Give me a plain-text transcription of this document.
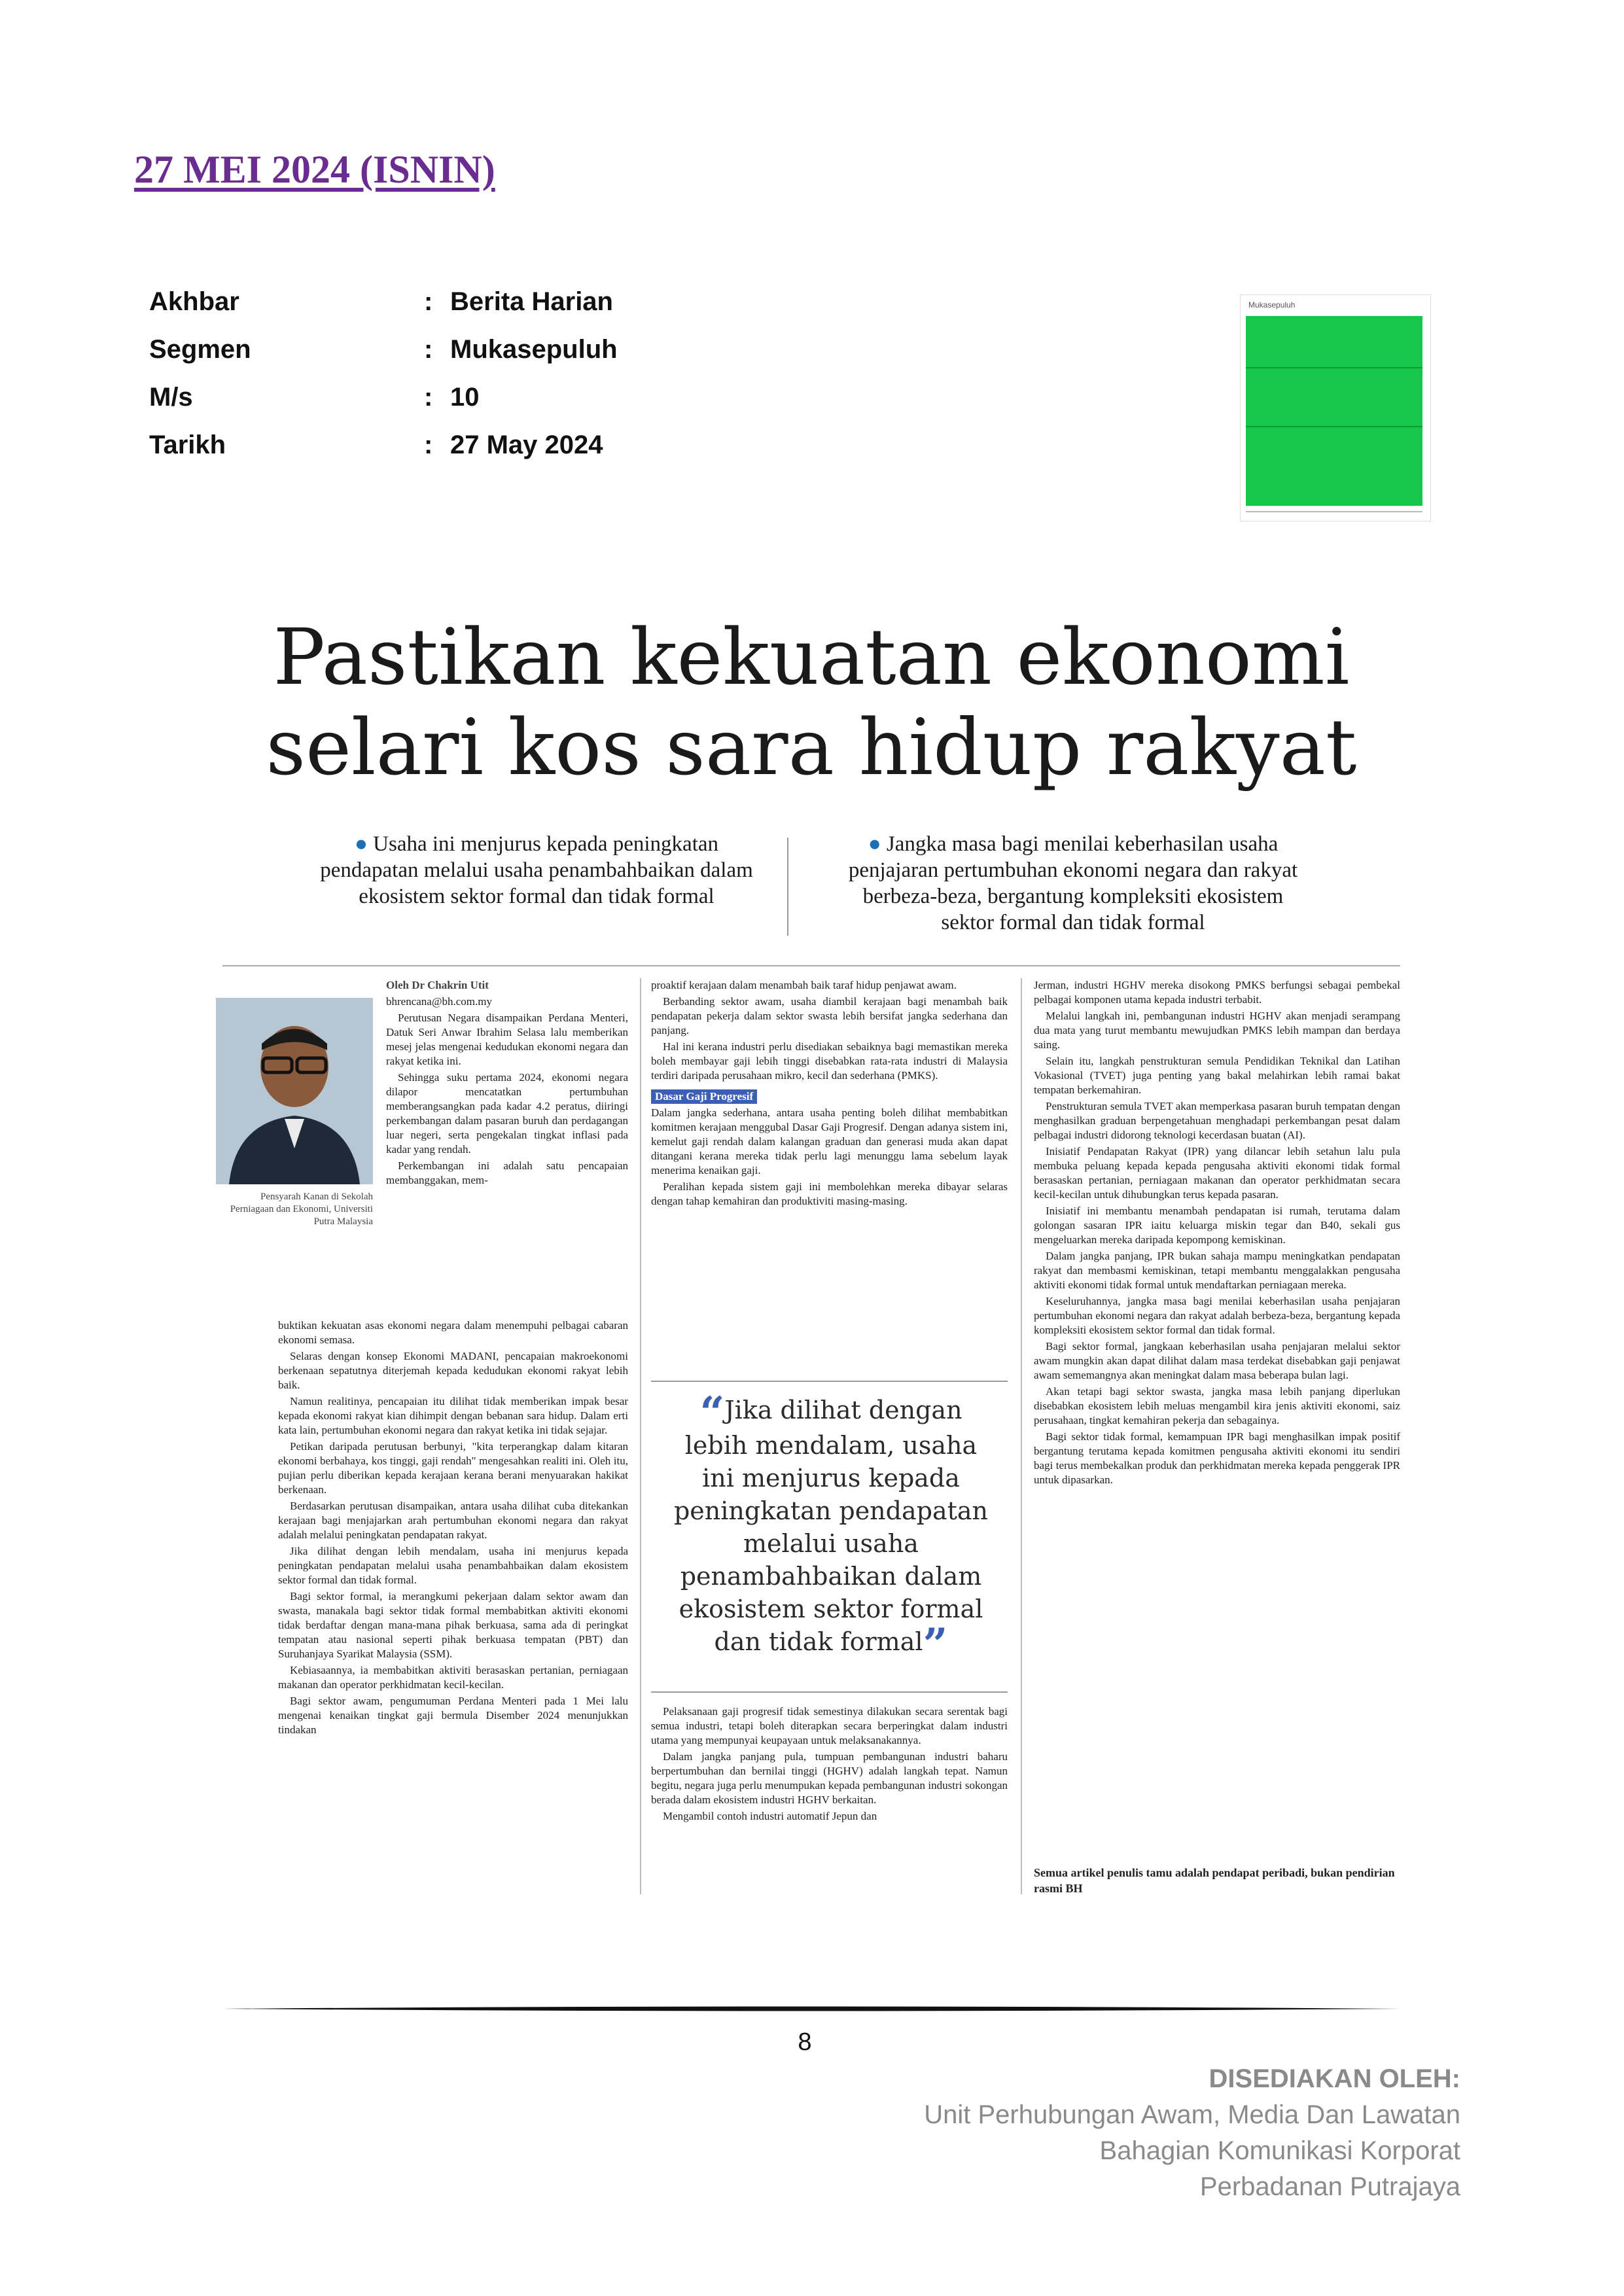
27 MEI 2024 (ISNIN)
Akhbar	: Berita Harian
Segmen	: Mukasepuluh
M/s	: 10
Tarikh	: 27 May 2024
Mukasepuluh
Pastikan kekuatan ekonomi
selari kos sara hidup rakyat
● Usaha ini menjurus kepada peningkatan pendapatan melalui usaha penambahbaikan dalam ekosistem sektor formal dan tidak formal
● Jangka masa bagi menilai keberhasilan usaha penjajaran pertumbuhan ekonomi negara dan rakyat berbeza-beza, bergantung kompleksiti ekosistem sektor formal dan tidak formal
Pensyarah Kanan di Sekolah Perniagaan dan Ekonomi, Universiti Putra Malaysia

Oleh Dr Chakrin Utit

bhrencana@bh.com.my

Perutusan Negara disampaikan Perdana Menteri, Datuk Seri Anwar Ibrahim Selasa lalu memberikan mesej jelas mengenai kedudukan ekonomi negara dan rakyat ketika ini.

Sehingga suku pertama 2024, ekonomi negara dilapor mencatatkan pertumbuhan memberangsangkan pada kadar 4.2 peratus, diiringi perkembangan dalam pasaran buruh dan perdagangan luar negeri, serta pengekalan tingkat inflasi pada kadar yang rendah.

Perkembangan ini adalah satu pencapaian membanggakan, mem-

buktikan kekuatan asas ekonomi negara dalam menempuhi pelbagai cabaran ekonomi semasa.

Selaras dengan konsep Ekonomi MADANI, pencapaian makroekonomi berkenaan sepatutnya diterjemah kepada kedudukan ekonomi rakyat lebih baik.

Namun realitinya, pencapaian itu dilihat tidak memberikan impak besar kepada ekonomi rakyat kian dihimpit dengan bebanan sara hidup. Dalam erti kata lain, pertumbuhan ekonomi negara dan rakyat ketika ini tidak sejajar.

Petikan daripada perutusan berbunyi, "kita terperangkap dalam kitaran ekonomi berbahaya, kos tinggi, gaji rendah" mengesahkan realiti ini. Oleh itu, pujian perlu diberikan kepada kerajaan kerana berani menyuarakan hakikat berkenaan.

Berdasarkan perutusan disampaikan, antara usaha dilihat cuba ditekankan kerajaan bagi menjajarkan arah pertumbuhan ekonomi negara dan rakyat adalah melalui peningkatan pendapatan rakyat.

Jika dilihat dengan lebih mendalam, usaha ini menjurus kepada peningkatan pendapatan melalui usaha penambahbaikan dalam ekosistem sektor formal dan tidak formal.

Bagi sektor formal, ia merangkumi pekerjaan dalam sektor awam dan swasta, manakala bagi sektor tidak formal membabitkan aktiviti ekonomi tidak berdaftar dengan mana-mana pihak berkuasa, sama ada di peringkat tempatan atau nasional seperti pihak berkuasa tempatan (PBT) dan Suruhanjaya Syarikat Malaysia (SSM).

Kebiasaannya, ia membabitkan aktiviti berasaskan pertanian, perniagaan makanan dan operator perkhidmatan kecil-kecilan.

Bagi sektor awam, pengumuman Perdana Menteri pada 1 Mei lalu mengenai kenaikan tingkat gaji bermula Disember 2024 menunjukkan tindakan

proaktif kerajaan dalam menambah baik taraf hidup penjawat awam.

Berbanding sektor awam, usaha diambil kerajaan bagi menambah baik pendapatan pekerja dalam sektor swasta lebih bersifat jangka sederhana dan panjang.

Hal ini kerana industri perlu disediakan sebaiknya bagi memastikan mereka boleh membayar gaji lebih tinggi disebabkan rata-rata industri di Malaysia terdiri daripada perusahaan mikro, kecil dan sederhana (PMKS).

Dasar Gaji Progresif

Dalam jangka sederhana, antara usaha penting boleh dilihat membabitkan komitmen kerajaan menggubal Dasar Gaji Progresif. Dengan adanya sistem ini, kemelut gaji rendah dalam kalangan graduan dan generasi muda akan dapat ditangani kerana mereka tidak perlu lagi menunggu lama sebelum layak menerima kenaikan gaji.

Peralihan kepada sistem gaji ini membolehkan mereka dibayar selaras dengan tahap kemahiran dan produktiviti masing-masing.

“Jika dilihat dengan lebih mendalam, usaha ini menjurus kepada peningkatan pendapatan melalui usaha penambahbaikan dalam ekosistem sektor formal dan tidak formal”

Pelaksanaan gaji progresif tidak semestinya dilakukan secara serentak bagi semua industri, tetapi boleh diterapkan secara berperingkat dalam industri utama yang mempunyai keupayaan untuk melaksanakannya.

Dalam jangka panjang pula, tumpuan pembangunan industri baharu berpertumbuhan dan bernilai tinggi (HGHV) adalah langkah tepat. Namun begitu, negara juga perlu menumpukan kepada pembangunan industri sokongan berada dalam ekosistem industri HGHV berkaitan.

Mengambil contoh industri automatif Jepun dan

Jerman, industri HGHV mereka disokong PMKS berfungsi sebagai pembekal pelbagai komponen utama kepada industri terbabit.

Melalui langkah ini, pembangunan industri HGHV akan menjadi serampang dua mata yang turut membantu mewujudkan PMKS lebih mampan dan berdaya saing.

Selain itu, langkah penstrukturan semula Pendidikan Teknikal dan Latihan Vokasional (TVET) juga penting yang bakal melahirkan lebih ramai bakat tempatan berkemahiran.

Penstrukturan semula TVET akan memperkasa pasaran buruh tempatan dengan menghasilkan graduan berpengetahuan menghadapi perkembangan pesat dalam pelbagai industri didorong teknologi kecerdasan buatan (AI).

Inisiatif Pendapatan Rakyat (IPR) yang dilancar lebih setahun lalu pula membuka peluang kepada kepada pengusaha aktiviti ekonomi tidak formal berasaskan pertanian, perniagaan makanan dan operator perkhidmatan secara kecil-kecilan untuk dihubungkan terus kepada pasaran.

Inisiatif ini membantu menambah pendapatan isi rumah, terutama dalam golongan sasaran IPR iaitu keluarga miskin tegar dan B40, sekali gus mengeluarkan mereka daripada kepompong kemiskinan.

Dalam jangka panjang, IPR bukan sahaja mampu meningkatkan pendapatan rakyat dan membasmi kemiskinan, tetapi membantu menggalakkan pengusaha aktiviti ekonomi tidak formal untuk mendaftarkan perniagaan mereka.

Keseluruhannya, jangka masa bagi menilai keberhasilan usaha penjajaran pertumbuhan ekonomi negara dan rakyat adalah berbeza-beza, bergantung kepada kompleksiti ekosistem sektor formal dan tidak formal.

Bagi sektor formal, jangkaan keberhasilan usaha penjajaran melalui sektor awam mungkin akan dapat dilihat dalam masa terdekat disebabkan gaji penjawat awam sememangnya akan meningkat dalam masa beberapa bulan lagi.

Akan tetapi bagi sektor swasta, jangka masa lebih panjang diperlukan disebabkan ekosistem lebih meluas mengambil kira jenis aktiviti ekonomi, saiz perusahaan, tingkat kemahiran pekerja dan sebagainya.

Bagi sektor tidak formal, kemampuan IPR bagi menghasilkan impak positif bergantung terutama kepada komitmen pengusaha aktiviti ekonomi itu sendiri bagi terus membekalkan produk dan perkhidmatan mereka kepada penggerak IPR untuk dipasarkan.

Semua artikel penulis tamu adalah pendapat peribadi, bukan pendirian rasmi BH
8
DISEDIAKAN OLEH:
Unit Perhubungan Awam, Media Dan Lawatan
Bahagian Komunikasi Korporat
Perbadanan Putrajaya
